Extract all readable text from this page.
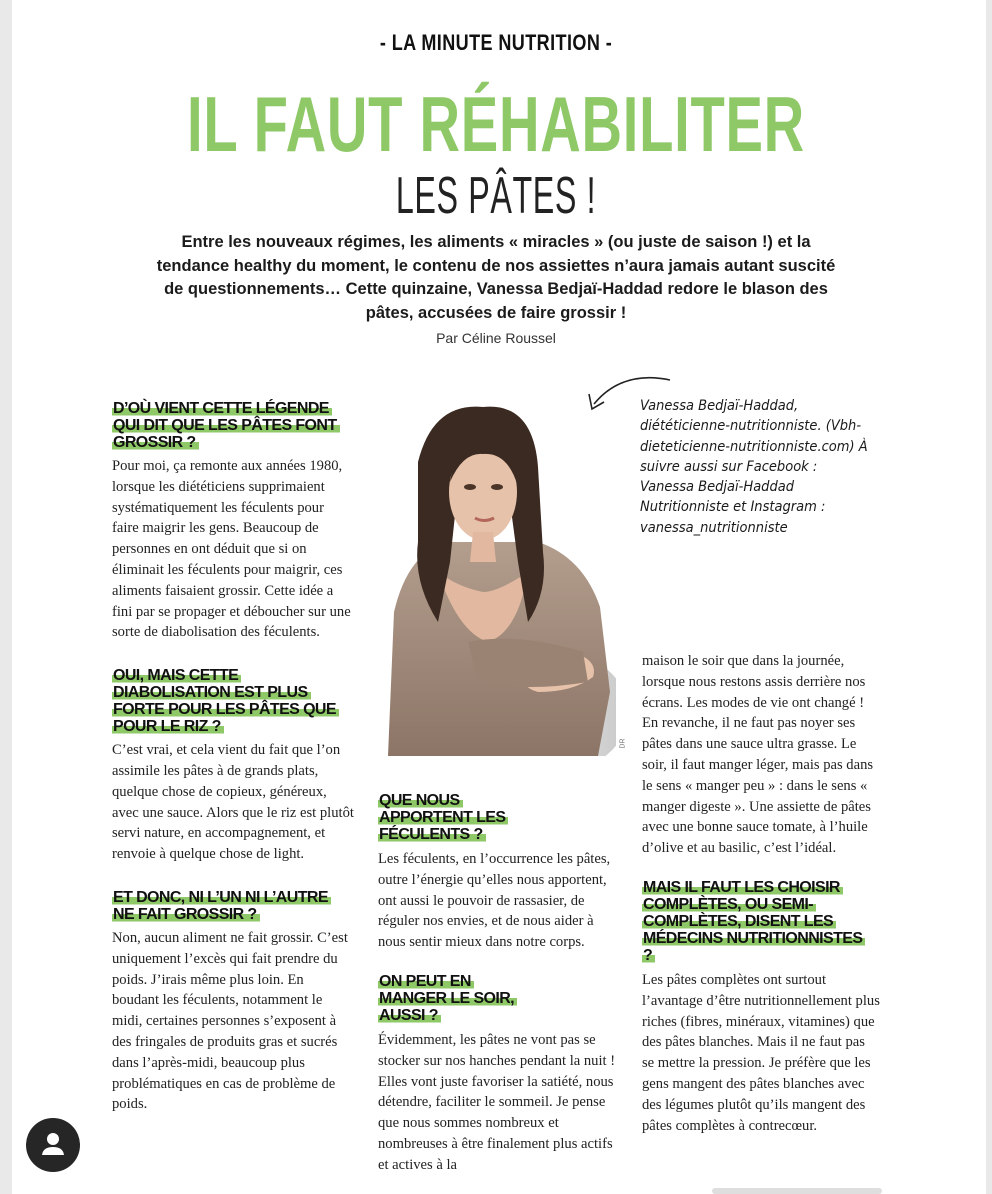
- LA MINUTE NUTRITION -
IL FAUT RÉHABILITER
LES PÂTES !
Entre les nouveaux régimes, les aliments « miracles » (ou juste de saison !) et la tendance healthy du moment, le contenu de nos assiettes n’aura jamais autant suscité de questionnements… Cette quinzaine, Vanessa Bedjaï-Haddad redore le blason des pâtes, accusées de faire grossir !
Par Céline Roussel

D’OÙ VIENT CETTE LÉGENDE QUI DIT QUE LES PÂTES FONT GROSSIR ?

Pour moi, ça remonte aux années 1980, lorsque les diététiciens supprimaient systématiquement les féculents pour faire maigrir les gens. Beaucoup de personnes en ont déduit que si on éliminait les féculents pour maigrir, ces aliments faisaient grossir. Cette idée a fini par se propager et déboucher sur une sorte de diabolisation des féculents.

OUI, MAIS CETTE DIABOLISATION EST PLUS FORTE POUR LES PÂTES QUE POUR LE RIZ ?

C’est vrai, et cela vient du fait que l’on assimile les pâtes à de grands plats, quelque chose de copieux, généreux, avec une sauce. Alors que le riz est plutôt servi nature, en accompagnement, et renvoie à quelque chose de light.

ET DONC, NI L’UN NI L’AUTRE NE FAIT GROSSIR ?

Non, aucun aliment ne fait grossir. C’est uniquement l’excès qui fait prendre du poids. J’irais même plus loin. En boudant les féculents, notamment le midi, certaines personnes s’exposent à des fringales de produits gras et sucrés dans l’après-midi, beaucoup plus problématiques en cas de problème de poids.

DR
Vanessa Bedjaï-Haddad, diététicienne-nutritionniste. (Vbh-dieteticienne-nutritionniste.com) À suivre aussi sur Facebook : Vanessa Bedjaï-Haddad Nutritionniste et Instagram : vanessa_nutritionniste

QUE NOUS APPORTENT LES FÉCULENTS ?

Les féculents, en l’occurrence les pâtes, outre l’énergie qu’elles nous apportent, ont aussi le pouvoir de rassasier, de réguler nos envies, et de nous aider à nous sentir mieux dans notre corps.

ON PEUT EN MANGER LE SOIR, AUSSI ?

Évidemment, les pâtes ne vont pas se stocker sur nos hanches pendant la nuit ! Elles vont juste favoriser la satiété, nous détendre, faciliter le sommeil. Je pense que nous sommes nombreux et nombreuses à être finalement plus actifs et actives à la

maison le soir que dans la journée, lorsque nous restons assis derrière nos écrans. Les modes de vie ont changé ! En revanche, il ne faut pas noyer ses pâtes dans une sauce ultra grasse. Le soir, il faut manger léger, mais pas dans le sens « manger peu » : dans le sens « manger digeste ». Une assiette de pâtes avec une bonne sauce tomate, à l’huile d’olive et au basilic, c’est l’idéal.

MAIS IL FAUT LES CHOISIR COMPLÈTES, OU SEMI-COMPLÈTES, DISENT LES MÉDECINS NUTRITIONNISTES ?

Les pâtes complètes ont surtout l’avantage d’être nutritionnellement plus riches (fibres, minéraux, vitamines) que des pâtes blanches. Mais il ne faut pas se mettre la pression. Je préfère que les gens mangent des pâtes blanches avec des légumes plutôt qu’ils mangent des pâtes complètes à contrecœur.
